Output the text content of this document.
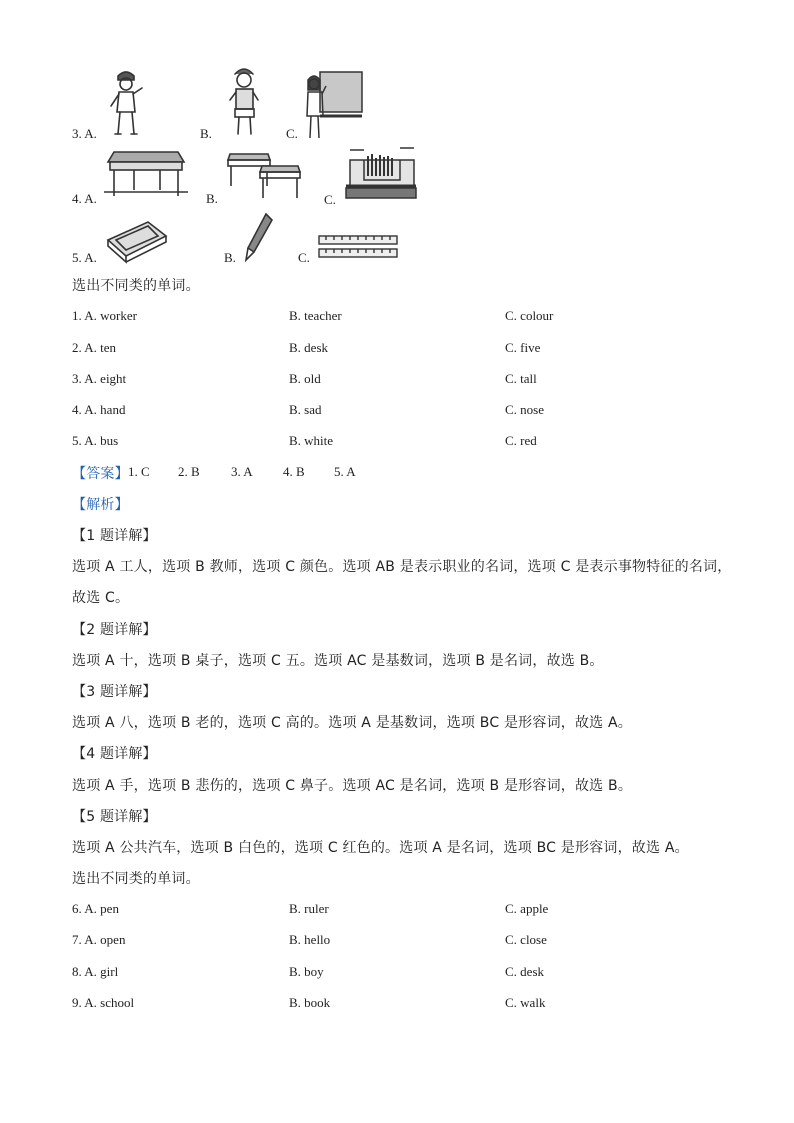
3. A.	B.	C.
4. A.	B.	C.
5. A.	B.	C.
选出不同类的单词。
1. A. worker	B. teacher	C. colour
2. A. ten	B. desk	C. five
3. A. eight	B. old	C. tall
4. A. hand	B. sad	C. nose
5. A. bus	B. white	C. red
【答案】 1. C 2. B 3. A 4. B 5. A
【解析】
【1 题详解】
选项 A 工人，选项 B 教师，选项 C 颜色。选项 AB 是表示职业的名词，选项 C 是表示事物特征的名词，
故选 C。
【2 题详解】
选项 A 十，选项 B 桌子，选项 C 五。选项 AC 是基数词，选项 B 是名词，故选 B。
【3 题详解】
选项 A 八，选项 B 老的，选项 C 高的。选项 A 是基数词，选项 BC 是形容词，故选 A。
【4 题详解】
选项 A 手，选项 B 悲伤的，选项 C 鼻子。选项 AC 是名词，选项 B 是形容词，故选 B。
【5 题详解】
选项 A 公共汽车，选项 B 白色的，选项 C 红色的。选项 A 是名词，选项 BC 是形容词，故选 A。
选出不同类的单词。
6. A. pen	B. ruler	C. apple
7. A. open	B. hello	C. close
8. A. girl	B. boy	C. desk
9. A. school	B. book	C. walk
